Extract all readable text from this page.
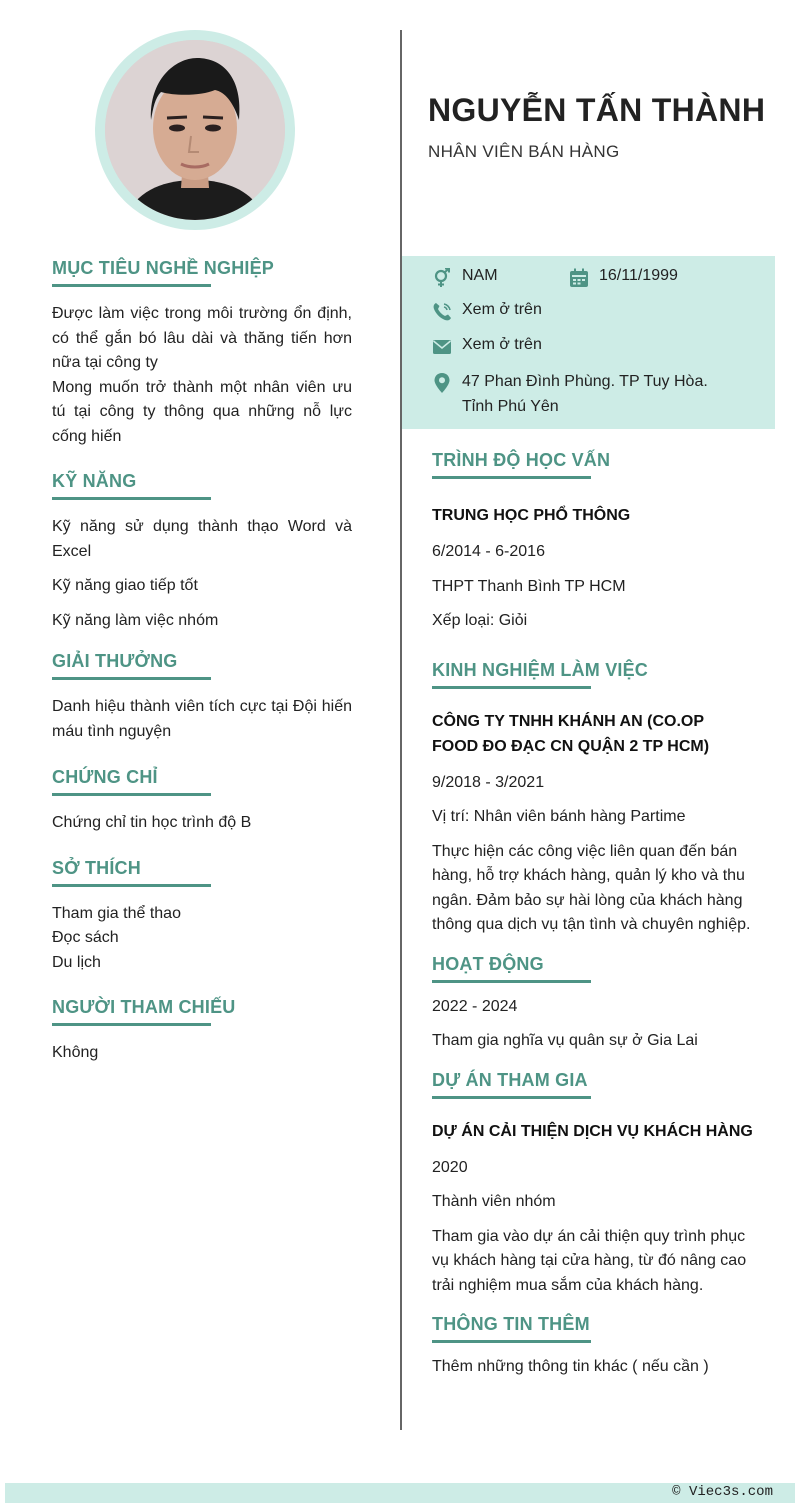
NGUYỄN TẤN THÀNH
NHÂN VIÊN BÁN HÀNG
NAM	16/11/1999
Xem ở trên
Xem ở trên
47 Phan Đình Phùng. TP Tuy Hòa.
Tỉnh Phú Yên
MỤC TIÊU NGHỀ NGHIỆP

Được làm việc trong môi trường ổn định, có thể gắn bó lâu dài và thăng tiến hơn nữa tại công ty

Mong muốn trở thành một nhân viên ưu tú tại công ty thông qua những nỗ lực cống hiến

KỸ NĂNG

Kỹ năng sử dụng thành thạo Word và Excel

Kỹ năng giao tiếp tốt

Kỹ năng làm việc nhóm

GIẢI THƯỞNG

Danh hiệu thành viên tích cực tại Đội hiến máu tình nguyện

CHỨNG CHỈ

Chứng chỉ tin học trình độ B

SỞ THÍCH

Tham gia thể thao

Đọc sách

Du lịch

NGƯỜI THAM CHIẾU

Không

TRÌNH ĐỘ HỌC VẤN

TRUNG HỌC PHỔ THÔNG

6/2014 - 6-2016

THPT Thanh Bình TP HCM

Xếp loại: Giỏi

KINH NGHIỆM LÀM VIỆC

CÔNG TY TNHH KHÁNH AN (CO.OP FOOD ĐO ĐẠC CN QUẬN 2 TP HCM)

9/2018 - 3/2021

Vị trí: Nhân viên bánh hàng Partime

Thực hiện các công việc liên quan đến bán hàng, hỗ trợ khách hàng, quản lý kho và thu ngân. Đảm bảo sự hài lòng của khách hàng thông qua dịch vụ tận tình và chuyên nghiệp.

HOẠT ĐỘNG

2022 - 2024

Tham gia nghĩa vụ quân sự ở Gia Lai

DỰ ÁN THAM GIA

DỰ ÁN CẢI THIỆN DỊCH VỤ KHÁCH HÀNG

2020

Thành viên nhóm

Tham gia vào dự án cải thiện quy trình phục vụ khách hàng tại cửa hàng, từ đó nâng cao trải nghiệm mua sắm của khách hàng.

THÔNG TIN THÊM

Thêm những thông tin khác ( nếu cần )

© Viec3s.com
